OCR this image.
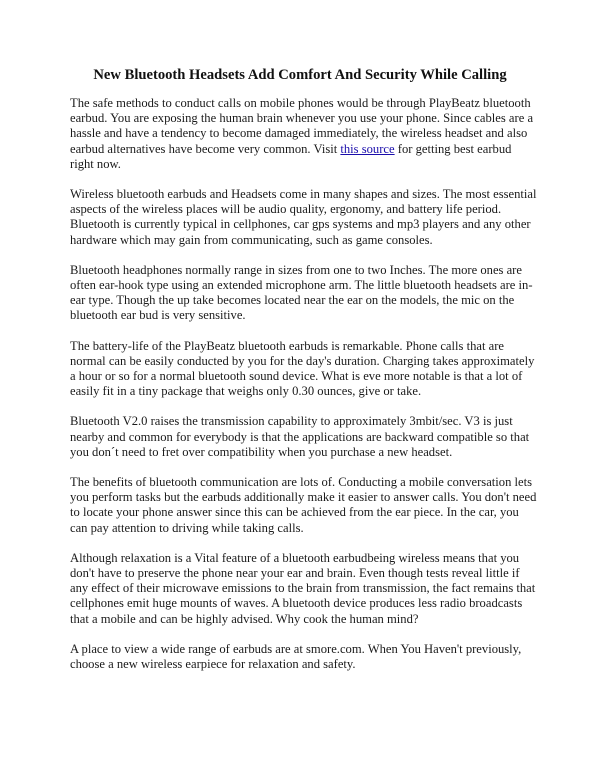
New Bluetooth Headsets Add Comfort And Security While Calling

The safe methods to conduct calls on mobile phones would be through PlayBeatz bluetooth earbud. You are exposing the human brain whenever you use your phone. Since cables are a hassle and have a tendency to become damaged immediately, the wireless headset and also earbud alternatives have become very common. Visit this source for getting best earbud right now.

Wireless bluetooth earbuds and Headsets come in many shapes and sizes. The most essential aspects of the wireless places will be audio quality, ergonomy, and battery life period. Bluetooth is currently typical in cellphones, car gps systems and mp3 players and any other hardware which may gain from communicating, such as game consoles.

Bluetooth headphones normally range in sizes from one to two Inches. The more ones are often ear-hook type using an extended microphone arm. The little bluetooth headsets are in-ear type. Though the up take becomes located near the ear on the models, the mic on the bluetooth ear bud is very sensitive.

The battery-life of the PlayBeatz bluetooth earbuds is remarkable. Phone calls that are normal can be easily conducted by you for the day's duration. Charging takes approximately a hour or so for a normal bluetooth sound device. What is eve more notable is that a lot of easily fit in a tiny package that weighs only 0.30 ounces, give or take.

Bluetooth V2.0 raises the transmission capability to approximately 3mbit/sec. V3 is just nearby and common for everybody is that the applications are backward compatible so that you don´t need to fret over compatibility when you purchase a new headset.

The benefits of bluetooth communication are lots of. Conducting a mobile conversation lets you perform tasks but the earbuds additionally make it easier to answer calls. You don't need to locate your phone answer since this can be achieved from the ear piece. In the car, you can pay attention to driving while taking calls.

Although relaxation is a Vital feature of a bluetooth earbudbeing wireless means that you don't have to preserve the phone near your ear and brain. Even though tests reveal little if any effect of their microwave emissions to the brain from transmission, the fact remains that cellphones emit huge mounts of waves. A bluetooth device produces less radio broadcasts that a mobile and can be highly advised. Why cook the human mind?

A place to view a wide range of earbuds are at smore.com. When You Haven't previously, choose a new wireless earpiece for relaxation and safety.
